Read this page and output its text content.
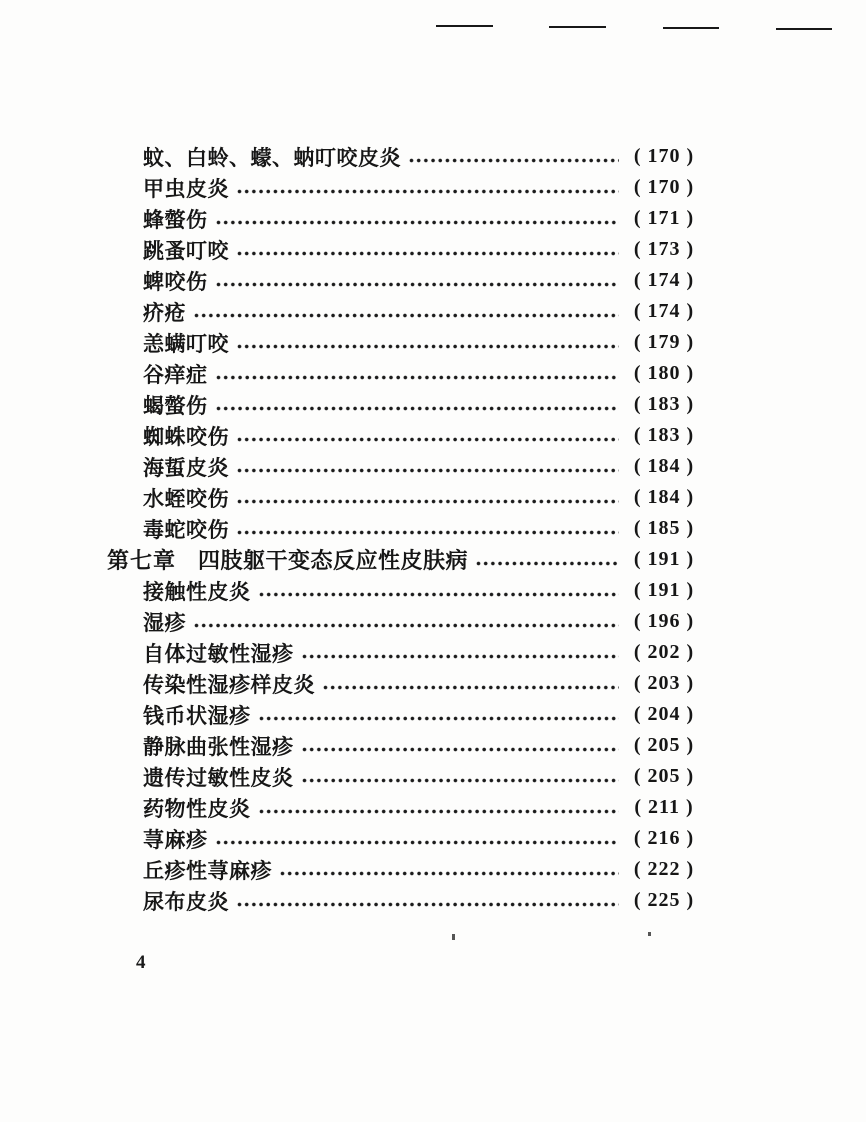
蚊、白蛉、蠓、蚋叮咬皮炎	( 170 )
甲虫皮炎	( 170 )
蜂螫伤	( 171 )
跳蚤叮咬	( 173 )
蜱咬伤	( 174 )
疥疮	( 174 )
恙螨叮咬	( 179 )
谷痒症	( 180 )
蝎螫伤	( 183 )
蜘蛛咬伤	( 183 )
海蜇皮炎	( 184 )
水蛭咬伤	( 184 )
毒蛇咬伤	( 185 )
第七章 四肢躯干变态反应性皮肤病	( 191 )
接触性皮炎	( 191 )
湿疹	( 196 )
自体过敏性湿疹	( 202 )
传染性湿疹样皮炎	( 203 )
钱币状湿疹	( 204 )
静脉曲张性湿疹	( 205 )
遗传过敏性皮炎	( 205 )
药物性皮炎	( 211 )
荨麻疹	( 216 )
丘疹性荨麻疹	( 222 )
尿布皮炎	( 225 )
4
